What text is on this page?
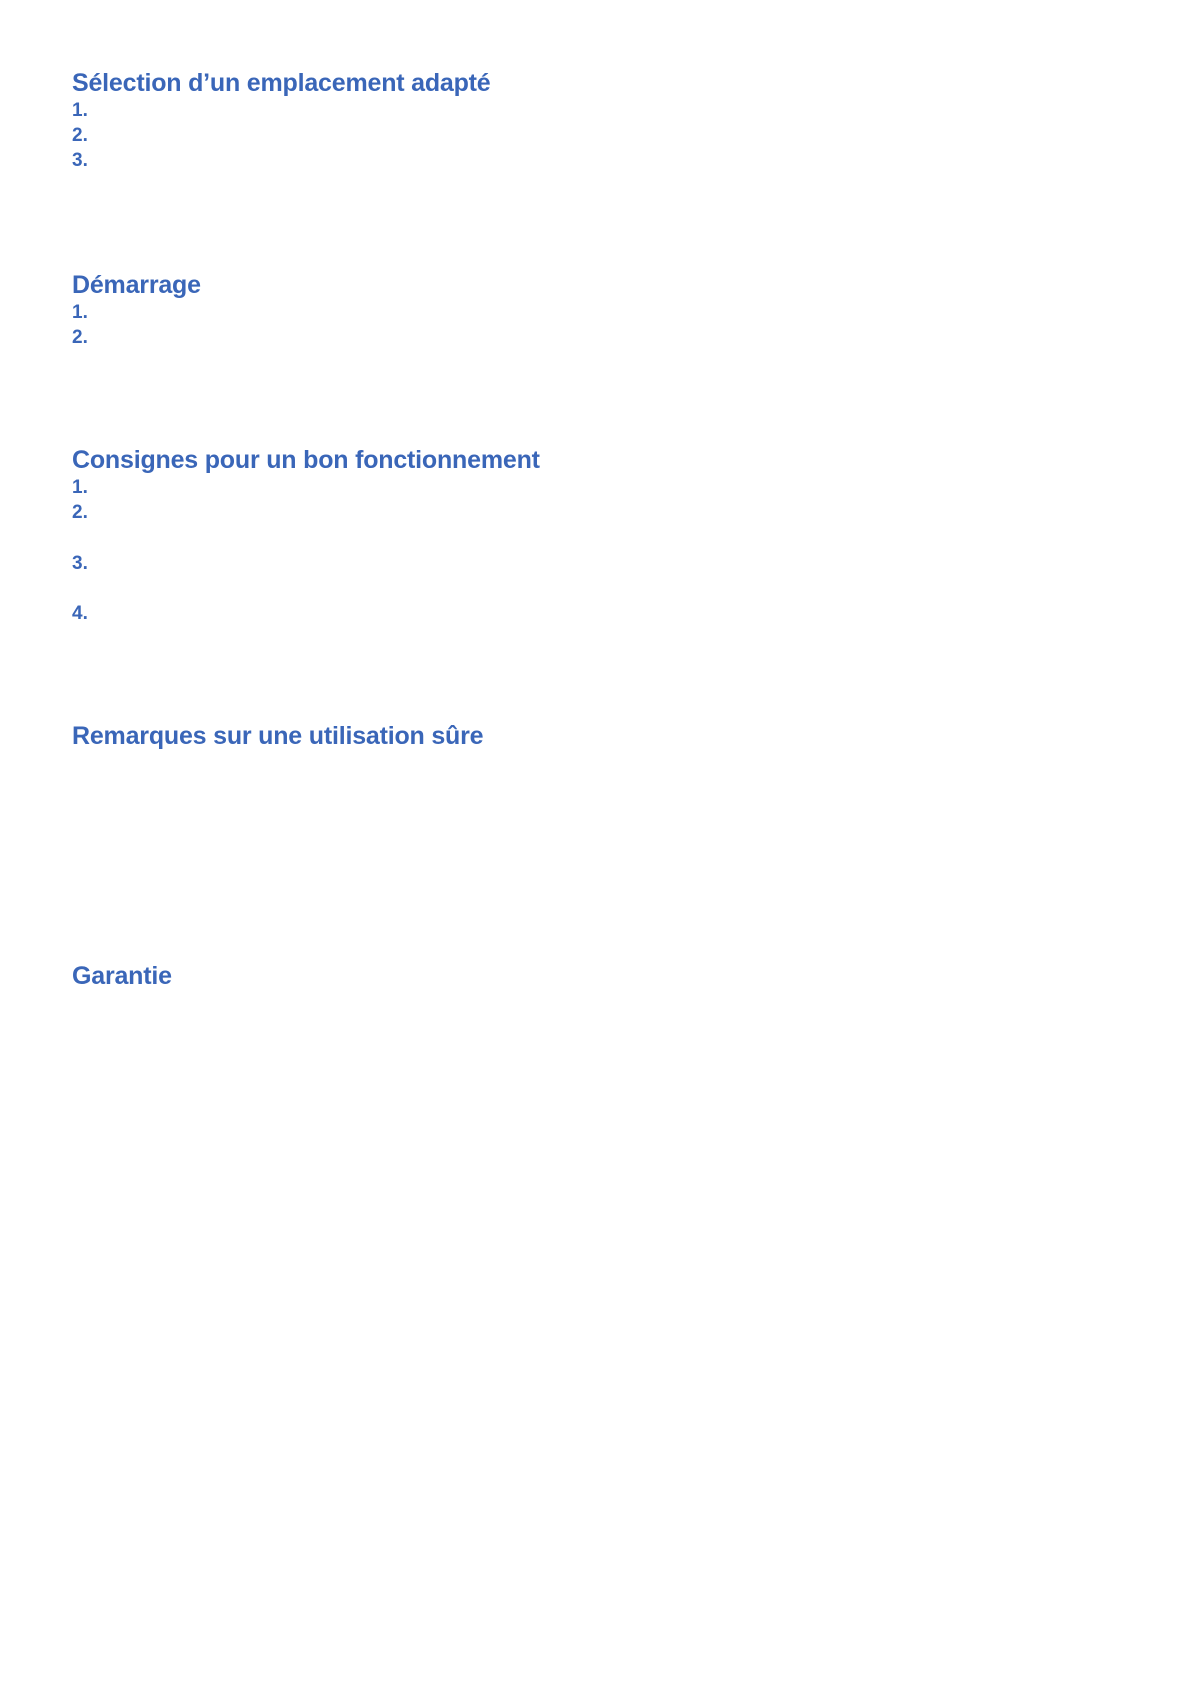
Sélection d’un emplacement adapté
1.
2.
3.
Démarrage
1.
2.
Consignes pour un bon fonctionnement
1.
2.
3.
4.
Remarques sur une utilisation sûre
Garantie
